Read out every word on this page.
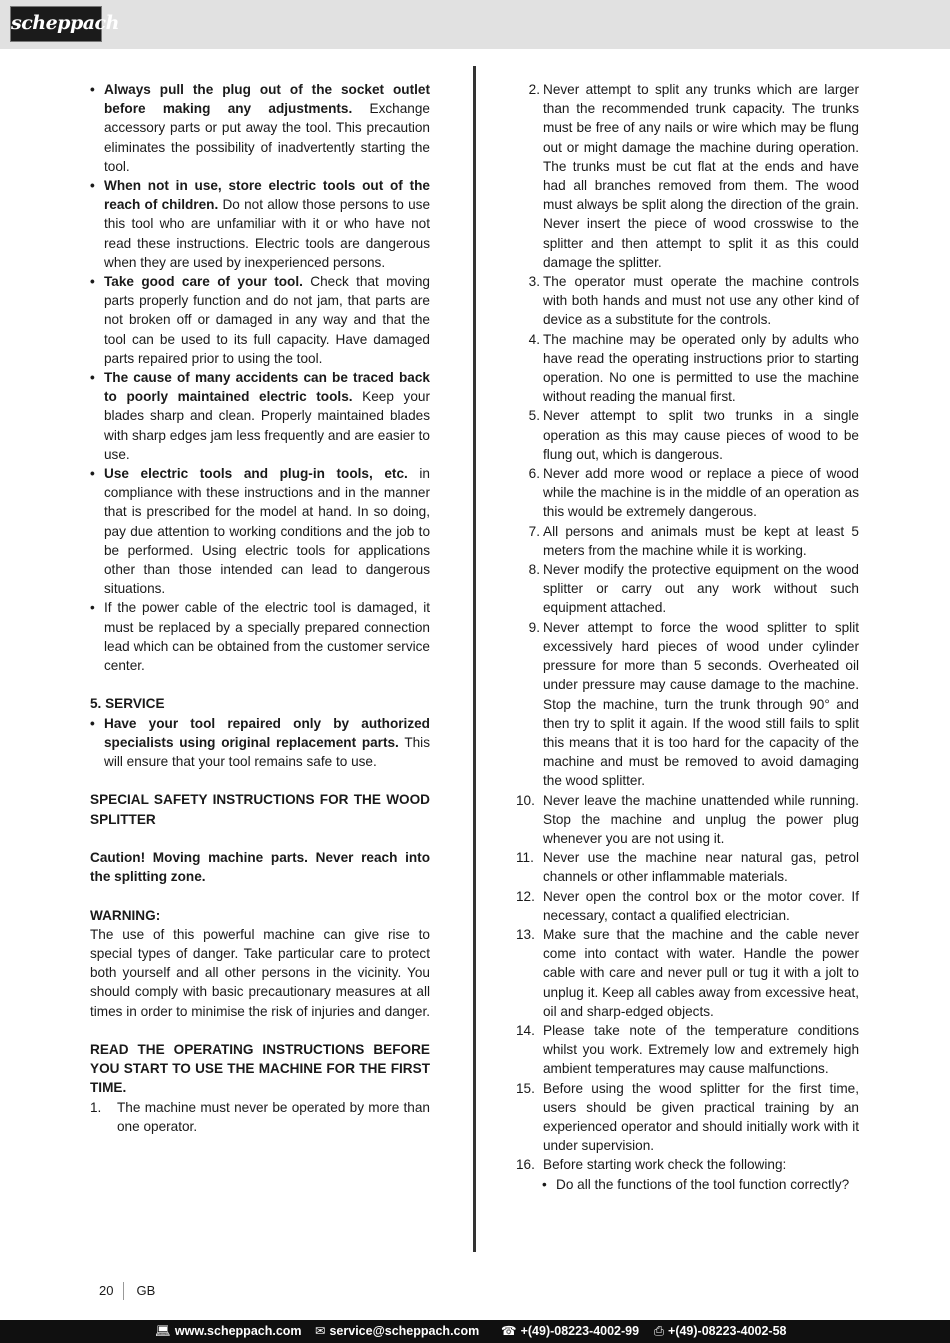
scheppach
• Always pull the plug out of the socket outlet before making any adjustments. Exchange accessory parts or put away the tool. This precaution eliminates the possibility of inadvertently starting the tool.
• When not in use, store electric tools out of the reach of children. Do not allow those persons to use this tool who are unfamiliar with it or who have not read these instructions. Electric tools are dangerous when they are used by inexperienced persons.
• Take good care of your tool. Check that moving parts properly function and do not jam, that parts are not broken off or damaged in any way and that the tool can be used to its full capacity. Have damaged parts repaired prior to using the tool.
• The cause of many accidents can be traced back to poorly maintained electric tools. Keep your blades sharp and clean. Properly maintained blades with sharp edges jam less frequently and are easier to use.
• Use electric tools and plug-in tools, etc. in compliance with these instructions and in the manner that is prescribed for the model at hand. In so doing, pay due attention to working conditions and the job to be performed. Using electric tools for applications other than those intended can lead to dangerous situations.
• If the power cable of the electric tool is damaged, it must be replaced by a specially prepared connection lead which can be obtained from the customer service center.

5. SERVICE

• Have your tool repaired only by authorized specialists using original replacement parts. This will ensure that your tool remains safe to use.

SPECIAL SAFETY INSTRUCTIONS FOR THE WOOD SPLITTER

Caution! Moving machine parts. Never reach into the splitting zone.

WARNING:

The use of this powerful machine can give rise to special types of danger. Take particular care to protect both yourself and all other persons in the vicinity. You should comply with basic precautionary measures at all times in order to minimise the risk of injuries and danger.

READ THE OPERATING INSTRUCTIONS BEFORE YOU START TO USE THE MACHINE FOR THE FIRST TIME.

1.	The machine must never be operated by more than one operator.
2. Never attempt to split any trunks which are larger than the recommended trunk capacity. The trunks must be free of any nails or wire which may be flung out or might damage the machine during operation. The trunks must be cut flat at the ends and have had all branches removed from them. The wood must always be split along the direction of the grain. Never insert the piece of wood crosswise to the splitter and then attempt to split it as this could damage the splitter.
3. The operator must operate the machine controls with both hands and must not use any other kind of device as a substitute for the controls.
4. The machine may be operated only by adults who have read the operating instructions prior to starting operation. No one is permitted to use the machine without reading the manual first.
5. Never attempt to split two trunks in a single operation as this may cause pieces of wood to be flung out, which is dangerous.
6. Never add more wood or replace a piece of wood while the machine is in the middle of an operation as this would be extremely dangerous.
7. All persons and animals must be kept at least 5 meters from the machine while it is working.
8. Never modify the protective equipment on the wood splitter or carry out any work without such equipment attached.
9. Never attempt to force the wood splitter to split excessively hard pieces of wood under cylinder pressure for more than 5 seconds. Overheated oil under pressure may cause damage to the machine. Stop the machine, turn the trunk through 90° and then try to split it again. If the wood still fails to split this means that it is too hard for the capacity of the machine and must be removed to avoid damaging the wood splitter.
10. Never leave the machine unattended while running. Stop the machine and unplug the power plug whenever you are not using it.
11. Never use the machine near natural gas, petrol channels or other inflammable materials.
12. Never open the control box or the motor cover. If necessary, contact a qualified electrician.
13. Make sure that the machine and the cable never come into contact with water. Handle the power cable with care and never pull or tug it with a jolt to unplug it. Keep all cables away from excessive heat, oil and sharp-edged objects.
14. Please take note of the temperature conditions whilst you work. Extremely low and extremely high ambient temperatures may cause malfunctions.
15. Before using the wood splitter for the first time, users should be given practical training by an experienced operator and should initially work with it under supervision.
16. Before starting work check the following:
• Do all the functions of the tool function correctly?
20 GB
💻︎ www.scheppach.com ✉ service@scheppach.com ☎ +(49)-08223-4002-99 ⎙ +(49)-08223-4002-58
